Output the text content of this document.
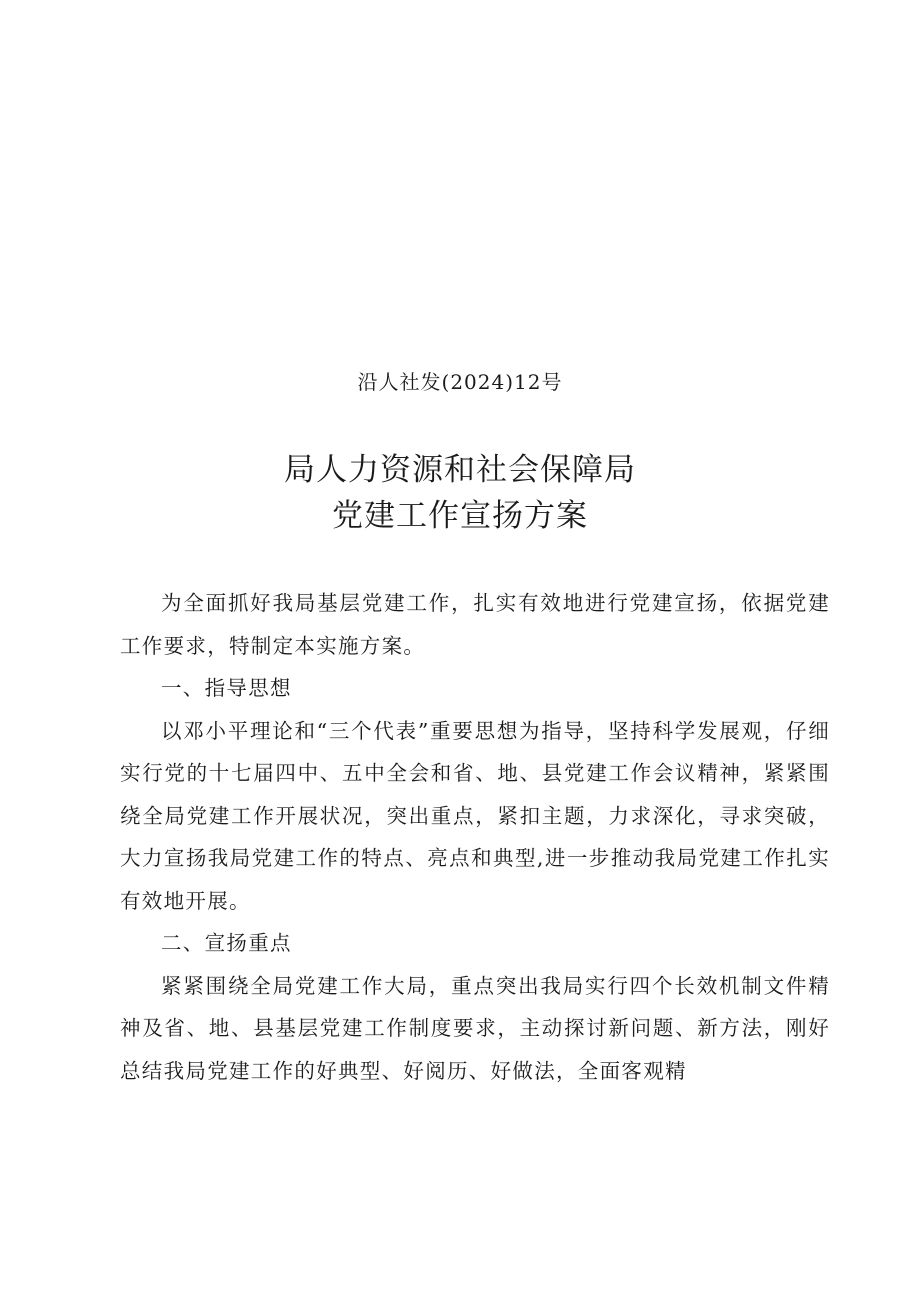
沿人社发(2024)12号
局人力资源和社会保障局
党建工作宣扬方案

为全面抓好我局基层党建工作，扎实有效地进行党建宣扬，依据党建工作要求，特制定本实施方案。

一、指导思想

以邓小平理论和“三个代表”重要思想为指导，坚持科学发展观，仔细实行党的十七届四中、五中全会和省、地、县党建工作会议精神，紧紧围绕全局党建工作开展状况，突出重点，紧扣主题，力求深化，寻求突破，大力宣扬我局党建工作的特点、亮点和典型,进一步推动我局党建工作扎实有效地开展。

二、宣扬重点

紧紧围绕全局党建工作大局，重点突出我局实行四个长效机制文件精神及省、地、县基层党建工作制度要求，主动探讨新问题、新方法，刚好总结我局党建工作的好典型、好阅历、好做法，全面客观精
